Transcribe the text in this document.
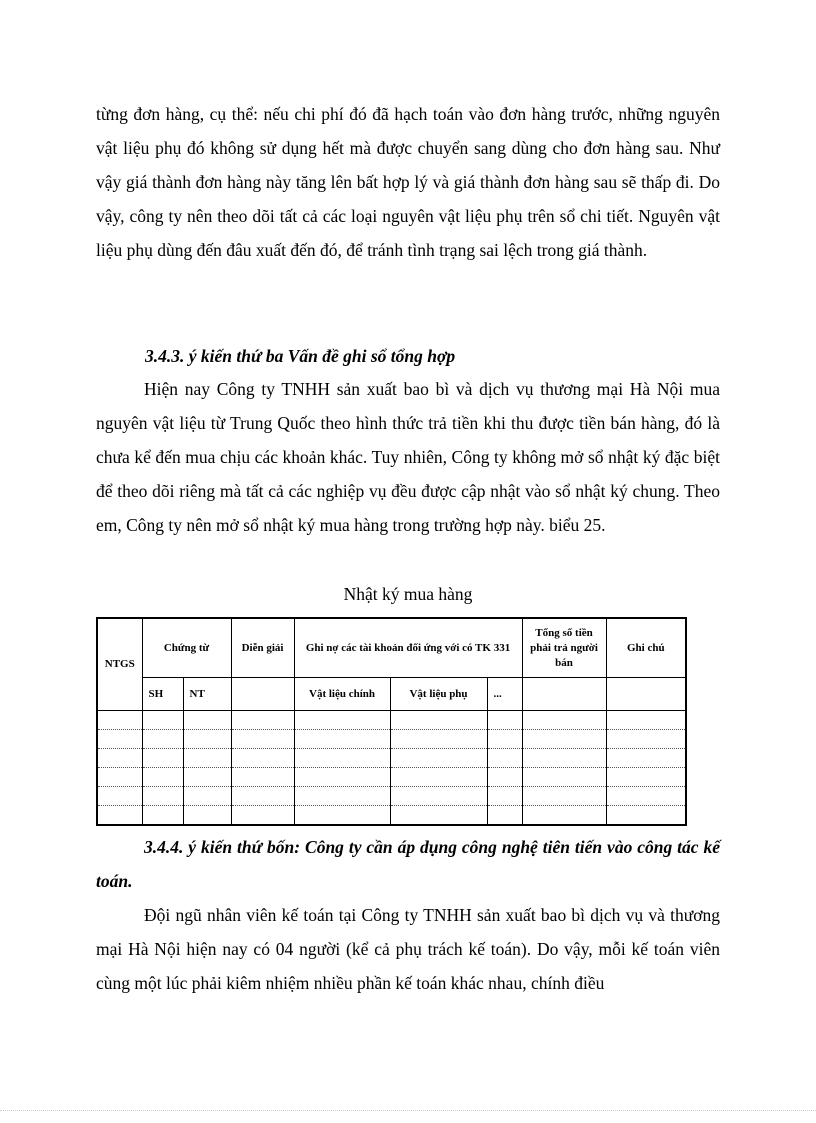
từng đơn hàng, cụ thể: nếu chi phí đó đã hạch toán vào đơn hàng trước, những nguyên vật liệu phụ đó không sử dụng hết mà được chuyển sang dùng cho đơn hàng sau. Như vậy giá thành đơn hàng này tăng lên bất hợp lý và giá thành đơn hàng sau sẽ thấp đi. Do vậy, công ty nên theo dõi tất cả các loại nguyên vật liệu phụ trên sổ chi tiết. Nguyên vật liệu phụ dùng đến đâu xuất đến đó, để tránh tình trạng sai lệch trong giá thành.
3.4.3. ý kiến thứ ba Vấn đề ghi sổ tổng hợp
Hiện nay Công ty TNHH sản xuất bao bì và dịch vụ thương mại Hà Nội mua nguyên vật liệu từ Trung Quốc theo hình thức trả tiền khi thu được tiền bán hàng, đó là chưa kể đến mua chịu các khoản khác. Tuy nhiên, Công ty không mở sổ nhật ký đặc biệt để theo dõi riêng mà tất cả các nghiệp vụ đều được cập nhật vào sổ nhật ký chung. Theo em, Công ty nên mở sổ nhật ký mua hàng trong trường hợp này. biểu 25.
Nhật ký mua hàng
NTGS	Chứng từ		Diễn giải	Ghi nợ các tài khoản đối ứng với có TK 331			Tổng số tiền phải trả người bán	Ghi chú
	SH	NT		Vật liệu chính	Vật liệu phụ	...		

3.4.4. ý kiến thứ bốn: Công ty cần áp dụng công nghệ tiên tiến vào công tác kế toán.
Đội ngũ nhân viên kế toán tại Công ty TNHH sản xuất bao bì dịch vụ và thương mại Hà Nội hiện nay có 04 người (kể cả phụ trách kế toán). Do vậy, mỗi kế toán viên cùng một lúc phải kiêm nhiệm nhiều phần kế toán khác nhau, chính điều
